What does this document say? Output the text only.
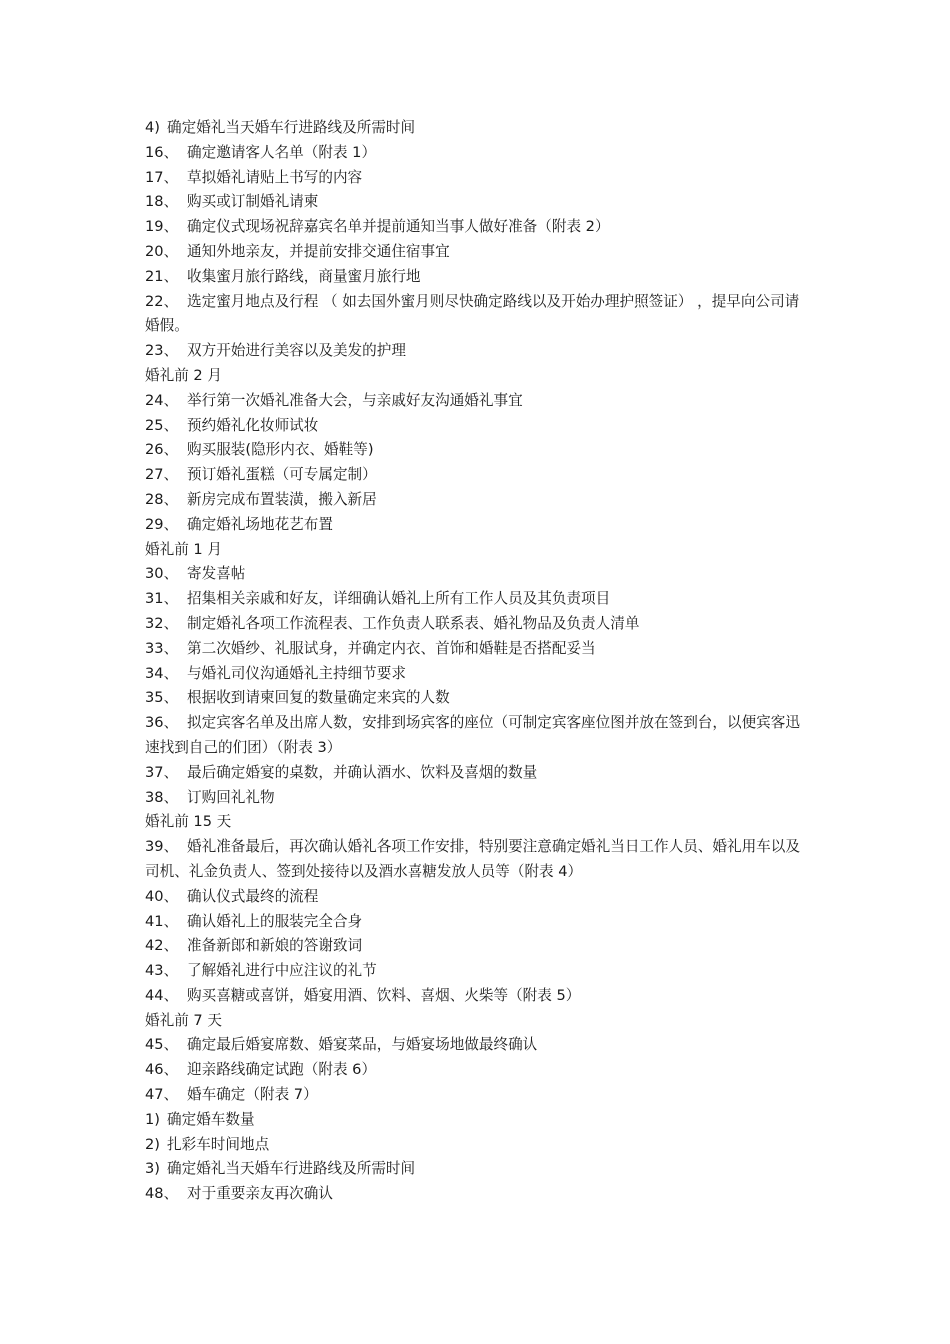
4) 确定婚礼当天婚车行进路线及所需时间
16、 确定邀请客人名单（附表 1）
17、 草拟婚礼请贴上书写的内容
18、 购买或订制婚礼请柬
19、 确定仪式现场祝辞嘉宾名单并提前通知当事人做好准备（附表 2）
20、 通知外地亲友，并提前安排交通住宿事宜
21、 收集蜜月旅行路线，商量蜜月旅行地
22、 选定蜜月地点及行程 （ 如去国外蜜月则尽快确定路线以及开始办理护照签证） ，提早向公司请婚假。
23、 双方开始进行美容以及美发的护理
婚礼前 2 月
24、 举行第一次婚礼准备大会，与亲戚好友沟通婚礼事宜
25、 预约婚礼化妆师试妆
26、 购买服装(隐形内衣、婚鞋等)
27、 预订婚礼蛋糕（可专属定制）
28、 新房完成布置装潢，搬入新居
29、 确定婚礼场地花艺布置
婚礼前 1 月
30、 寄发喜帖
31、 招集相关亲戚和好友，详细确认婚礼上所有工作人员及其负责项目
32、 制定婚礼各项工作流程表、工作负责人联系表、婚礼物品及负责人清单
33、 第二次婚纱、礼服试身，并确定内衣、首饰和婚鞋是否搭配妥当
34、 与婚礼司仪沟通婚礼主持细节要求
35、 根据收到请柬回复的数量确定来宾的人数
36、 拟定宾客名单及出席人数，安排到场宾客的座位（可制定宾客座位图并放在签到台，以便宾客迅速找到自己的们团）（附表 3）
37、 最后确定婚宴的桌数，并确认酒水、饮料及喜烟的数量
38、 订购回礼礼物
婚礼前 15 天
39、 婚礼准备最后，再次确认婚礼各项工作安排，特别要注意确定婚礼当日工作人员、婚礼用车以及司机、礼金负责人、签到处接待以及酒水喜糖发放人员等（附表 4）
40、 确认仪式最终的流程
41、 确认婚礼上的服装完全合身
42、 准备新郎和新娘的答谢致词
43、 了解婚礼进行中应注议的礼节
44、 购买喜糖或喜饼，婚宴用酒、饮料、喜烟、火柴等（附表 5）
婚礼前 7 天
45、 确定最后婚宴席数、婚宴菜品，与婚宴场地做最终确认
46、 迎亲路线确定试跑（附表 6）
47、 婚车确定（附表 7）
1) 确定婚车数量
2) 扎彩车时间地点
3) 确定婚礼当天婚车行进路线及所需时间
48、 对于重要亲友再次确认
